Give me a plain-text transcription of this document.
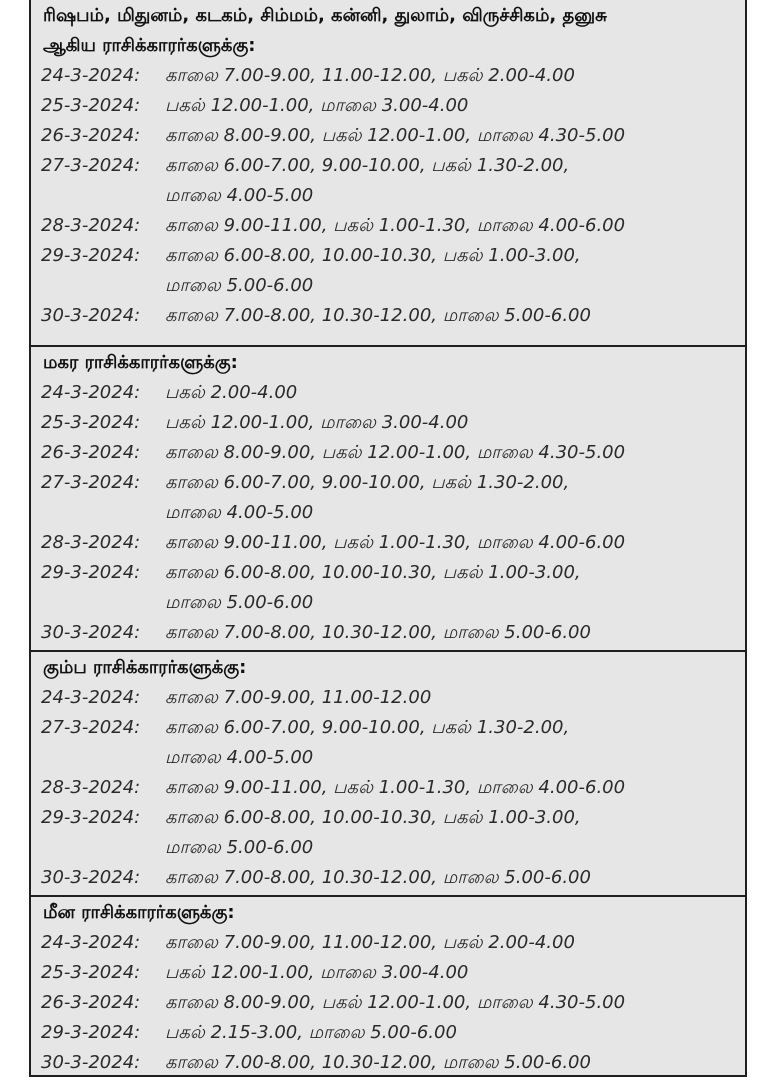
ரிஷபம், மிதுனம், கடகம், சிம்மம், கன்னி, துலாம், விருச்சிகம், தனுசு
ஆகிய ராசிக்காரர்களுக்கு:
24-3-2024:	காலை 7.00-9.00, 11.00-12.00, பகல் 2.00-4.00
25-3-2024:	பகல் 12.00-1.00, மாலை 3.00-4.00
26-3-2024:	காலை 8.00-9.00, பகல் 12.00-1.00, மாலை 4.30-5.00
27-3-2024:	காலை 6.00-7.00, 9.00-10.00, பகல் 1.30-2.00,
மாலை 4.00-5.00
28-3-2024:	காலை 9.00-11.00, பகல் 1.00-1.30, மாலை 4.00-6.00
29-3-2024:	காலை 6.00-8.00, 10.00-10.30, பகல் 1.00-3.00,
மாலை 5.00-6.00
30-3-2024:	காலை 7.00-8.00, 10.30-12.00, மாலை 5.00-6.00
மகர ராசிக்காரர்களுக்கு:
24-3-2024:	பகல் 2.00-4.00
25-3-2024:	பகல் 12.00-1.00, மாலை 3.00-4.00
26-3-2024:	காலை 8.00-9.00, பகல் 12.00-1.00, மாலை 4.30-5.00
27-3-2024:	காலை 6.00-7.00, 9.00-10.00, பகல் 1.30-2.00,
மாலை 4.00-5.00
28-3-2024:	காலை 9.00-11.00, பகல் 1.00-1.30, மாலை 4.00-6.00
29-3-2024:	காலை 6.00-8.00, 10.00-10.30, பகல் 1.00-3.00,
மாலை 5.00-6.00
30-3-2024:	காலை 7.00-8.00, 10.30-12.00, மாலை 5.00-6.00
கும்ப ராசிக்காரர்களுக்கு:
24-3-2024:	காலை 7.00-9.00, 11.00-12.00
27-3-2024:	காலை 6.00-7.00, 9.00-10.00, பகல் 1.30-2.00,
மாலை 4.00-5.00
28-3-2024:	காலை 9.00-11.00, பகல் 1.00-1.30, மாலை 4.00-6.00
29-3-2024:	காலை 6.00-8.00, 10.00-10.30, பகல் 1.00-3.00,
மாலை 5.00-6.00
30-3-2024:	காலை 7.00-8.00, 10.30-12.00, மாலை 5.00-6.00
மீன ராசிக்காரர்களுக்கு:
24-3-2024:	காலை 7.00-9.00, 11.00-12.00, பகல் 2.00-4.00
25-3-2024:	பகல் 12.00-1.00, மாலை 3.00-4.00
26-3-2024:	காலை 8.00-9.00, பகல் 12.00-1.00, மாலை 4.30-5.00
29-3-2024:	பகல் 2.15-3.00, மாலை 5.00-6.00
30-3-2024:	காலை 7.00-8.00, 10.30-12.00, மாலை 5.00-6.00
